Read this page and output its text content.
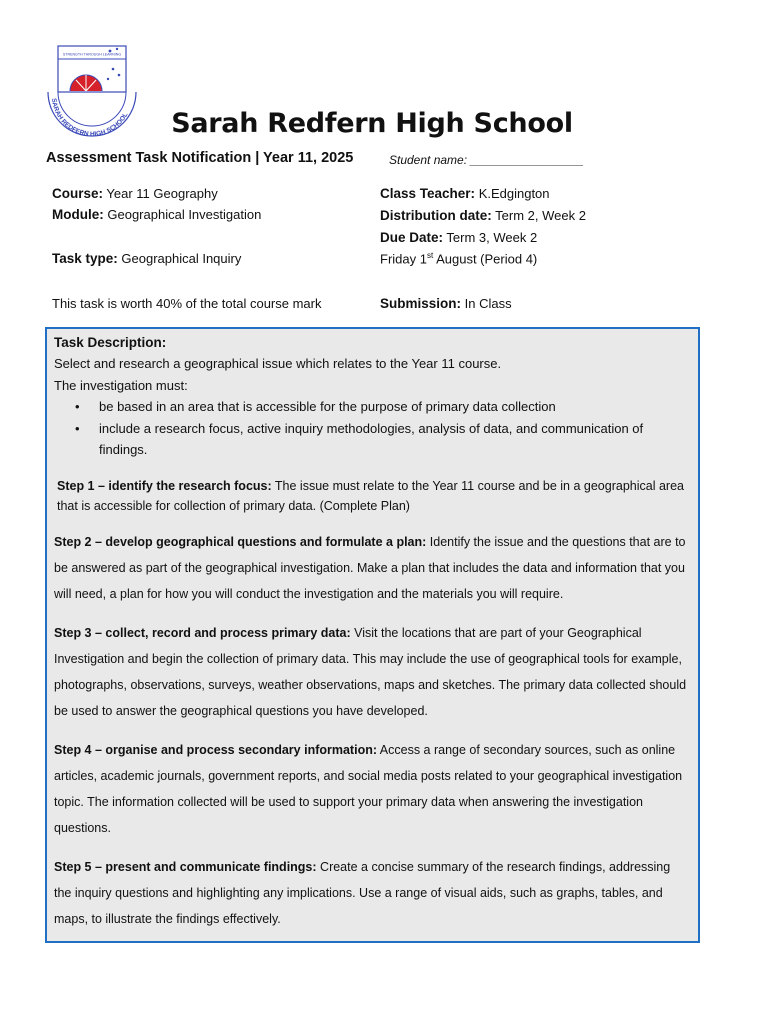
SARAH REDFERN HIGH SCHOOL
STRENGTH THROUGH LEARNING
Sarah Redfern High School
Assessment Task Notification | Year 11, 2025	Student name: _________________
Course: Year 11 Geography
Module: Geographical Investigation
Task type: Geographical Inquiry
This task is worth 40% of the total course mark
Class Teacher: K.Edgington
Distribution date: Term 2, Week 2
Due Date: Term 3, Week 2
Friday 1st August (Period 4)
Submission: In Class
Task Description:
Select and research a geographical issue which relates to the Year 11 course.
The investigation must:
• be based in an area that is accessible for the purpose of primary data collection
• include a research focus, active inquiry methodologies, analysis of data, and communication of findings.
Step 1 – identify the research focus: The issue must relate to the Year 11 course and be in a geographical area that is accessible for collection of primary data. (Complete Plan)
Step 2 – develop geographical questions and formulate a plan: Identify the issue and the questions that are to be answered as part of the geographical investigation. Make a plan that includes the data and information that you will need, a plan for how you will conduct the investigation and the materials you will require.
Step 3 – collect, record and process primary data: Visit the locations that are part of your Geographical Investigation and begin the collection of primary data. This may include the use of geographical tools for example, photographs, observations, surveys, weather observations, maps and sketches. The primary data collected should be used to answer the geographical questions you have developed.
Step 4 – organise and process secondary information: Access a range of secondary sources, such as online articles, academic journals, government reports, and social media posts related to your geographical investigation topic. The information collected will be used to support your primary data when answering the investigation questions.
Step 5 – present and communicate findings: Create a concise summary of the research findings, addressing the inquiry questions and highlighting any implications. Use a range of visual aids, such as graphs, tables, and maps, to illustrate the findings effectively.
